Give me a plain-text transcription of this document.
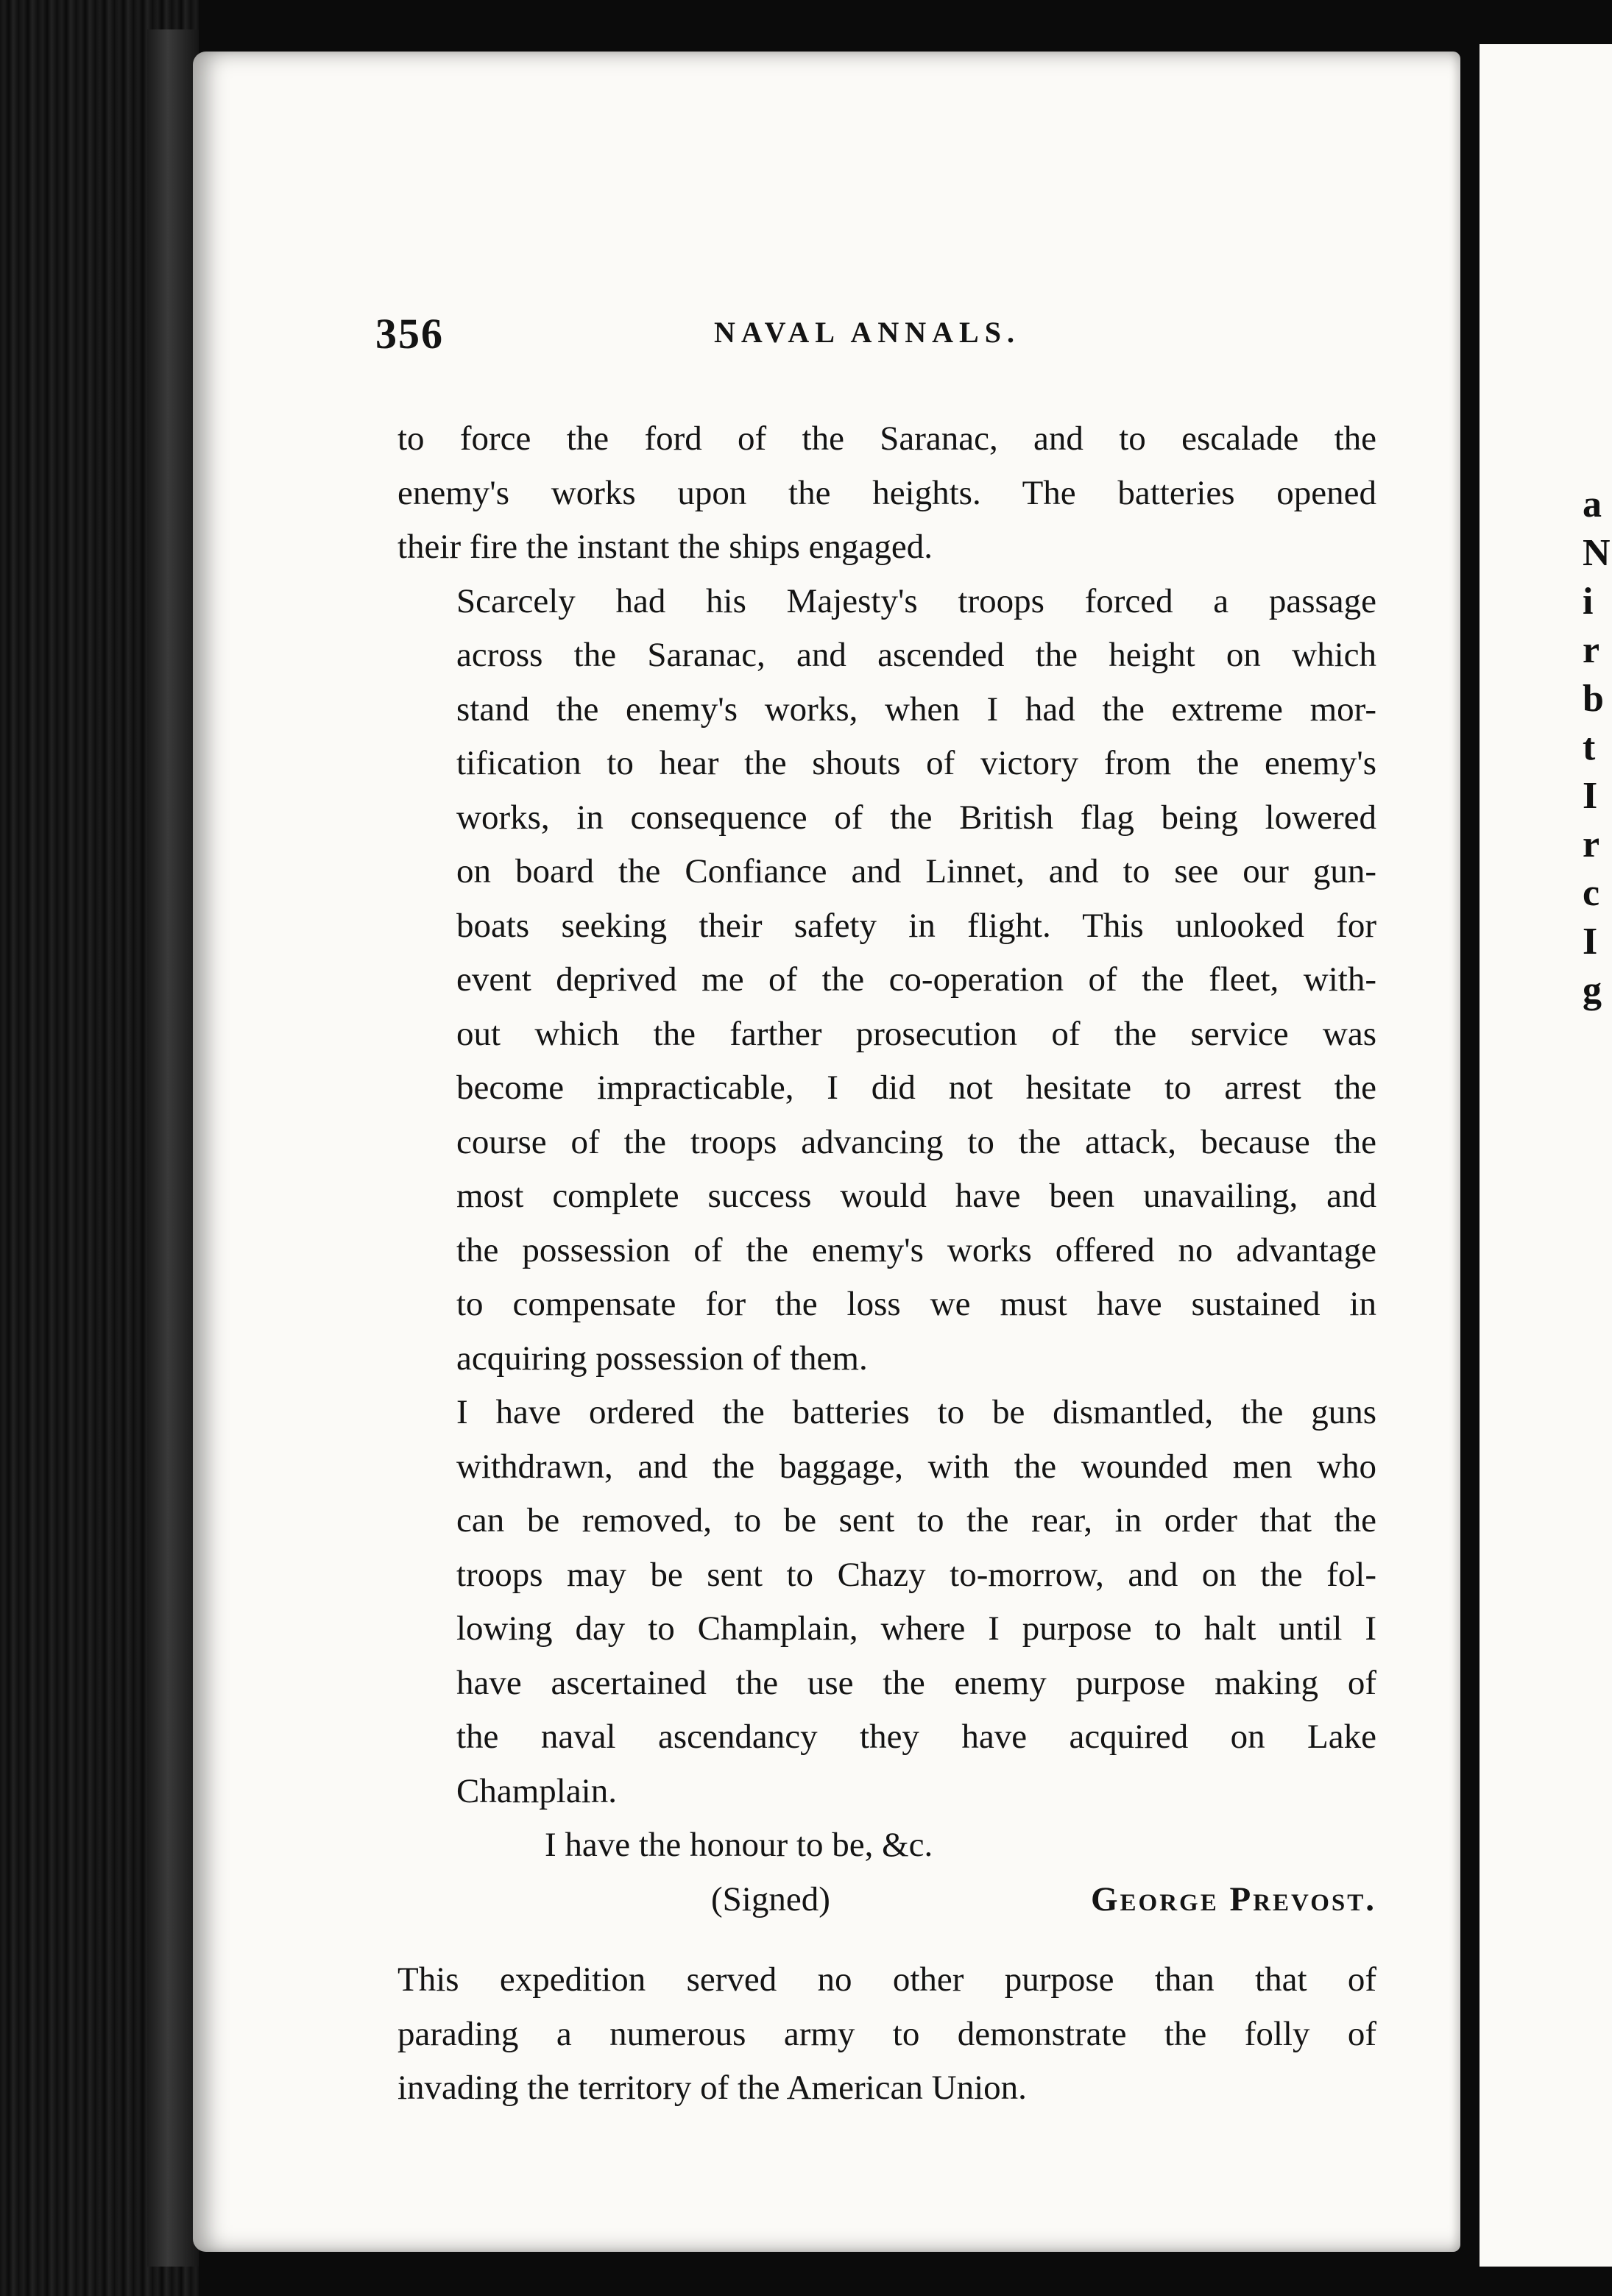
a
N
i
r
b
t
I
r
c
I
g
356	NAVAL ANNALS.

to force the ford of the Saranac, and to escalade the
enemy's works upon the heights. The batteries opened
their fire the instant the ships engaged.

Scarcely had his Majesty's troops forced a passage
across the Saranac, and ascended the height on which
stand the enemy's works, when I had the extreme mor-
tification to hear the shouts of victory from the enemy's
works, in consequence of the British flag being lowered
on board the Confiance and Linnet, and to see our gun-
boats seeking their safety in flight. This unlooked for
event deprived me of the co-operation of the fleet, with-
out which the farther prosecution of the service was
become impracticable, I did not hesitate to arrest the
course of the troops advancing to the attack, because the
most complete success would have been unavailing, and
the possession of the enemy's works offered no advantage
to compensate for the loss we must have sustained in
acquiring possession of them.

I have ordered the batteries to be dismantled, the guns
withdrawn, and the baggage, with the wounded men who
can be removed, to be sent to the rear, in order that the
troops may be sent to Chazy to-morrow, and on the fol-
lowing day to Champlain, where I purpose to halt until I
have ascertained the use the enemy purpose making of
the naval ascendancy they have acquired on Lake
Champlain.

I have the honour to be, &c.
(Signed)	George Prevost.

This expedition served no other purpose than that of
parading a numerous army to demonstrate the folly of
invading the territory of the American Union.
